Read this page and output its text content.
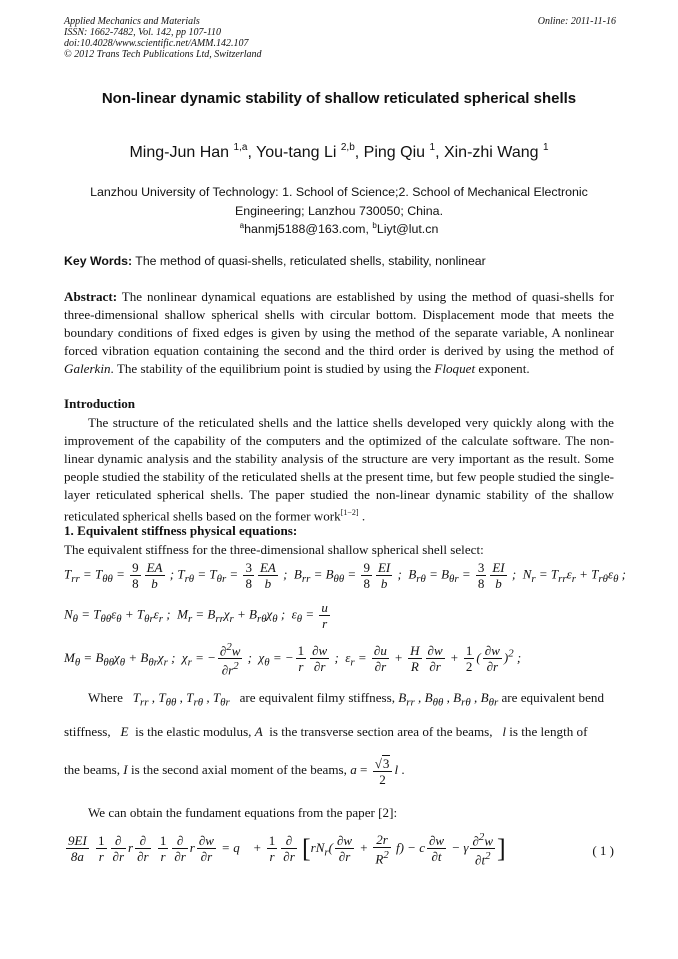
Applied Mechanics and Materials
ISSN: 1662-7482, Vol. 142, pp 107-110
doi:10.4028/www.scientific.net/AMM.142.107
© 2012 Trans Tech Publications Ltd, Switzerland
Online: 2011-11-16
Non-linear dynamic stability of shallow reticulated spherical shells
Ming-Jun Han $^{1,a}$, You-tang Li $^{2,b}$, Ping Qiu $^1$, Xin-zhi Wang $^1$
Lanzhou University of Technology: 1. School of Science;2. School of Mechanical Electronic
Engineering; Lanzhou 730050; China.
$^a$hanmj5188@163.com, $^b$Liyt@lut.cn
Key Words: The method of quasi-shells, reticulated shells, stability, nonlinear
Abstract: The nonlinear dynamical equations are established by using the method of quasi-shells for three-dimensional shallow spherical shells with circular bottom. Displacement mode that meets the boundary conditions of fixed edges is given by using the method of the separate variable, A nonlinear forced vibration equation containing the second and the third order is derived by using the method of Galerkin. The stability of the equilibrium point is studied by using the Floquet exponent.
Introduction
The structure of the reticulated shells and the lattice shells developed very quickly along with the improvement of the capability of the computers and the optimized of the calculate software. The non-linear dynamic analysis and the stability analysis of the structure are very important as the result. Some people studied the stability of the reticulated shells at the present time, but few people studied the single-layer reticulated spherical shells. The paper studied the non-linear dynamic stability of the shallow reticulated spherical shells based on the former work[1−2] .
1. Equivalent stiffness physical equations:
The equivalent stiffness for the three-dimensional shallow spherical shell select:
$T_{rr} = T_{\theta\theta} = \frac{9}{8} \frac{EA}{b}$ ; $T_{r\theta} = T_{\theta r} = \frac{3}{8} \frac{EA}{b}$ ;  $B_{rr} = B_{\theta\theta} = \frac{9}{8} \frac{EI}{b}$ ;  $B_{r\theta} = B_{\theta r} = \frac{3}{8} \frac{EI}{b}$ ;  $N_r = T_{rr}\varepsilon_r + T_{r\theta}\varepsilon_\theta$ ;
$N_\theta = T_{\theta\theta}\varepsilon_\theta + T_{\theta r}\varepsilon_r$ ;  $M_r = B_{rr}\chi_r + B_{r\theta}\chi_\theta$ ;  $\varepsilon_\theta = \frac{u}{r}$
$M_\theta = B_{\theta\theta}\chi_\theta + B_{\theta r}\chi_r$ ;  $\chi_r$ = − $\frac{\partial^2w}{\partial r^2}$ ;  $\chi_\theta$ = − $\frac{1}{r} \frac{\partial w}{\partial r}$ ;  $\varepsilon_r = \frac{\partial u}{\partial r} + \frac{H}{R} \frac{\partial w}{\partial r} + \frac{1}{2}$ ( $\frac{\partial w}{\partial r} )^2$ ;
Where $T_{rr}$ , $T_{\theta\theta}$ , $T_{r\theta}$ , $T_{\theta r}$ are equivalent filmy stiffness, $B_{rr}$ , $B_{\theta\theta}$ , $B_{r\theta}$ , $B_{\theta r}$ are equivalent bend
stiffness, E is the elastic modulus, A is the transverse section area of the beams, l is the length of
the beams, I is the second axial moment of the beams, $a = \frac{√3}{2}$ l .
We can obtain the fundament equations from the paper [2]:
$\frac{9EI}{8a}$
$\frac{1}{r} \frac{\partial}{\partial r}$ r $\frac{\partial}{\partial r}$
$\frac{1}{r} \frac{\partial}{\partial r}$ r $\frac{\partial w}{\partial r} = q$    + $\frac{1}{r} \frac{\partial}{\partial r} [rN_r( \frac{\partial w}{\partial r} + \frac{2r}{R^2} f) - c \frac{\partial w}{\partial t} - \gamma \frac{\partial^2w}{\partial t^2}$ ]	( 1 )
